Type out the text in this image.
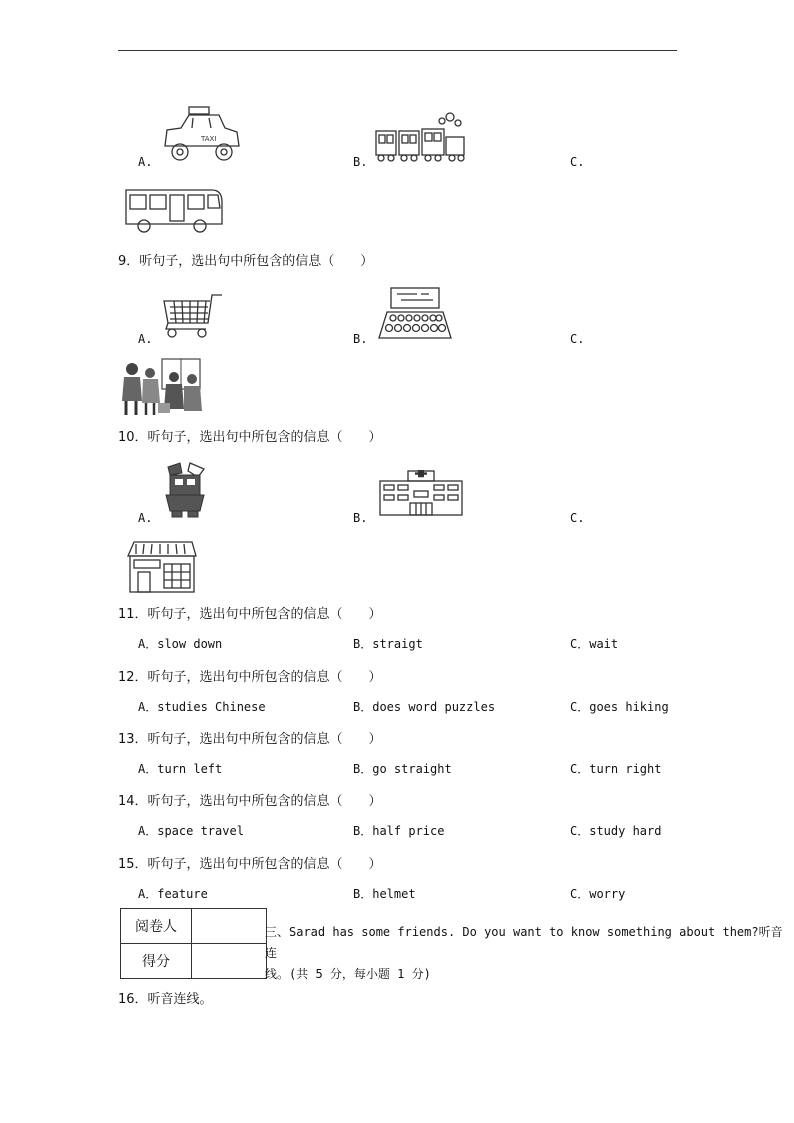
TAXI
A.	B.	C.
9．听句子，选出句中所包含的信息（　　）
A.	B.	C.
10．听句子，选出句中所包含的信息（　　）
A.	B.	C.
11．听句子，选出句中所包含的信息（　　）
A．slow down	B．straigt	C．wait
12．听句子，选出句中所包含的信息（　　）
A．studies Chinese	B．does word puzzles	C．goes hiking
13．听句子，选出句中所包含的信息（　　）
A．turn left	B．go straight	C．turn right
14．听句子，选出句中所包含的信息（　　）
A．space travel	B．half price	C．study hard
15．听句子，选出句中所包含的信息（　　）
A．feature	B．helmet	C．worry
阅卷人	
得分	
三、Sarad has some friends. Do you want to know something about them?听音连
线。(共 5 分，每小题 1 分)
16．听音连线。
